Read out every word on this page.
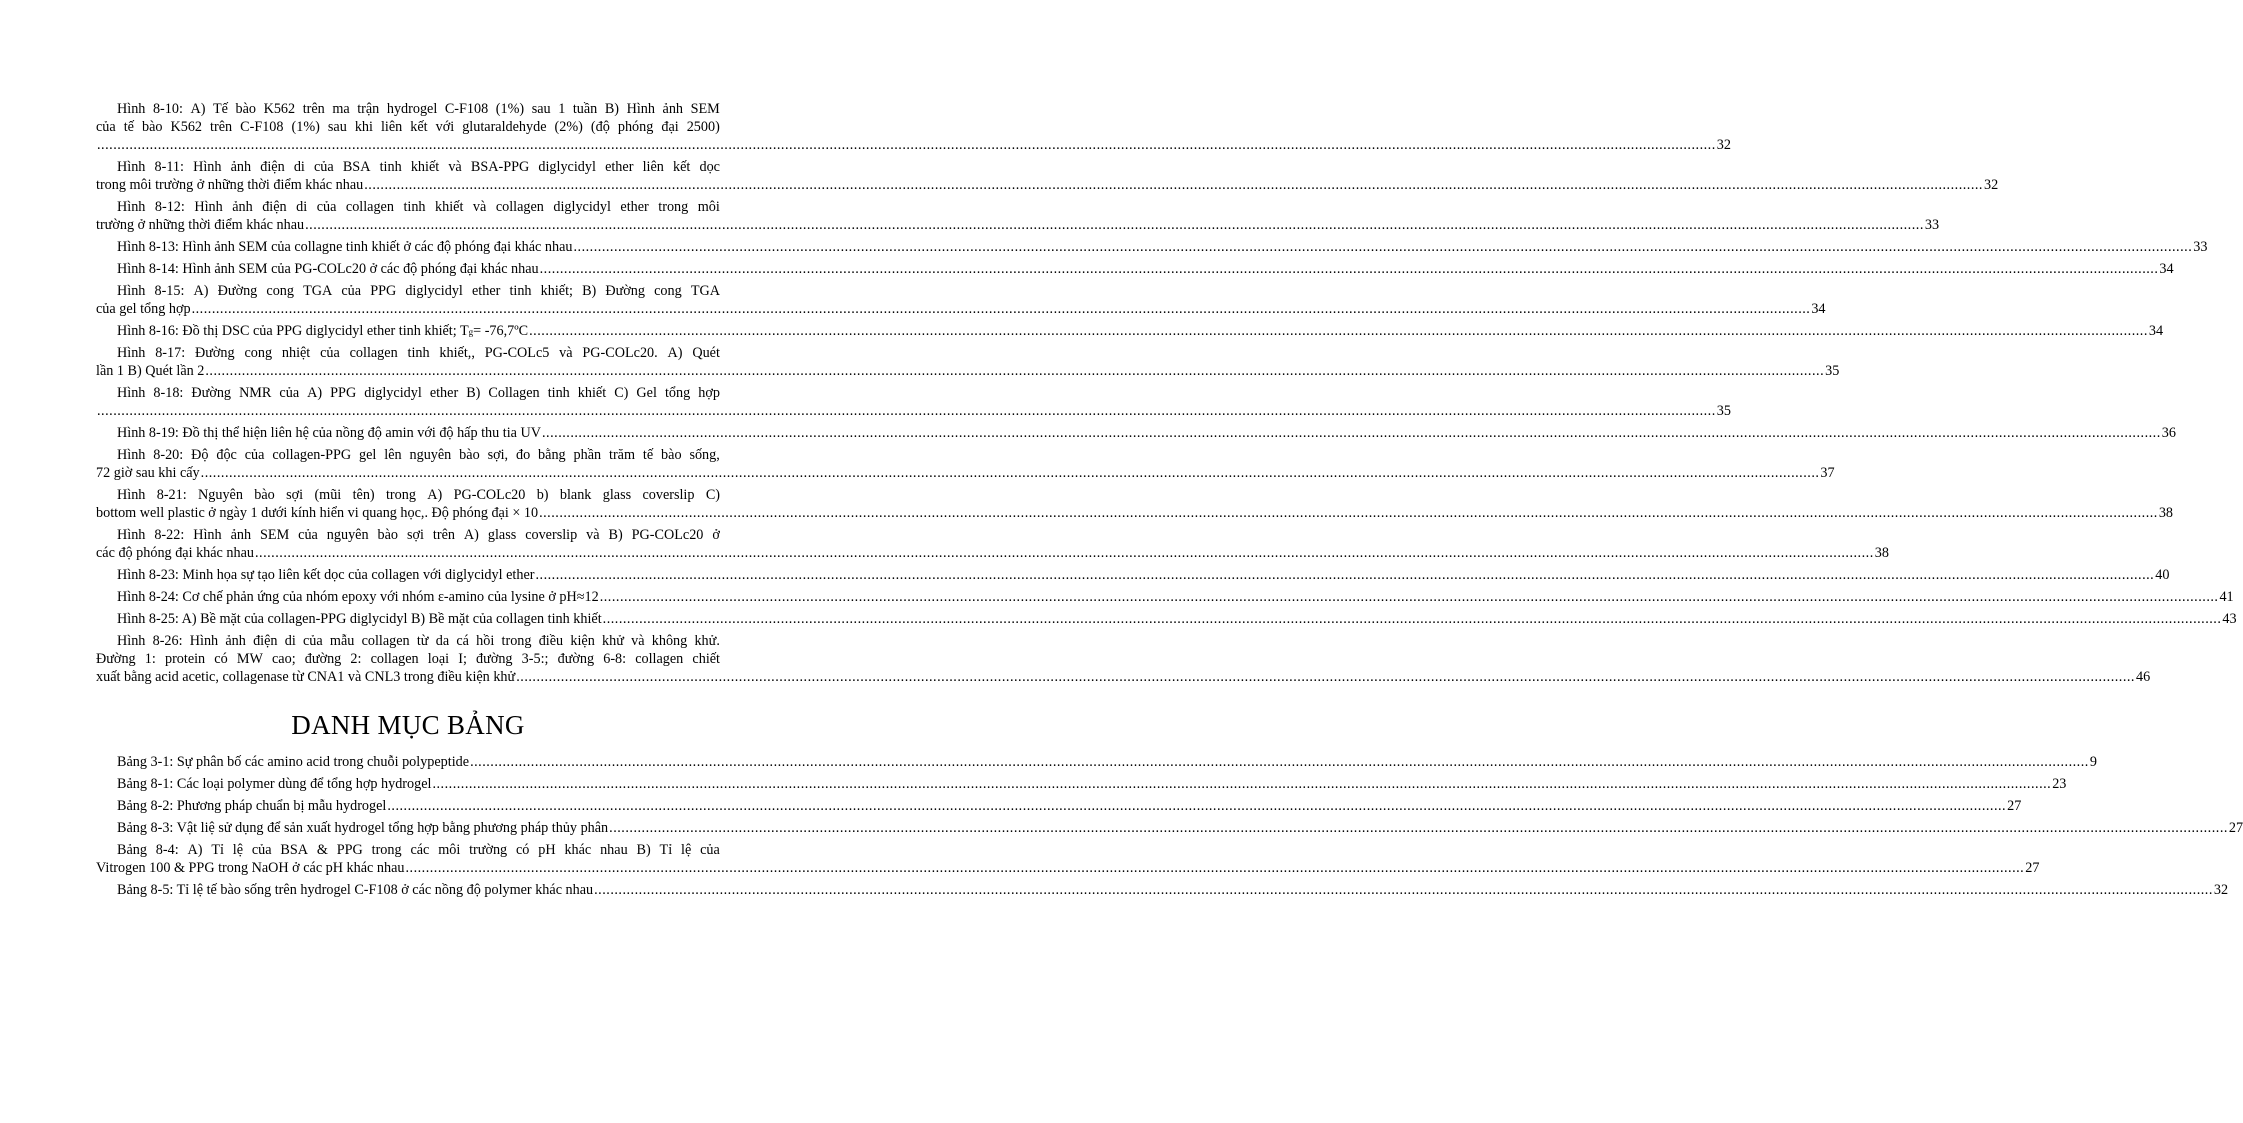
Hình 8-10: A) Tế bào K562 trên ma trận hydrogel C-F108 (1%) sau 1 tuần B) Hình ảnh SEM
của tế bào K562 trên C-F108 (1%) sau khi liên kết với glutaraldehyde (2%) (độ phóng đại 2500)
................................................................................................................................................................................................................................................................................................................................................................................................................ 32
Hình 8-11: Hình ảnh điện di của BSA tinh khiết và BSA-PPG diglycidyl ether liên kết dọc
trong môi trường ở những thời điểm khác nhau ................................................................................................................................................................................................................................................................................................................................................................................................................ 32
Hình 8-12: Hình ảnh điện di của collagen tinh khiết và collagen diglycidyl ether trong môi
trường ở những thời điểm khác nhau ................................................................................................................................................................................................................................................................................................................................................................................................................ 33
Hình 8-13: Hình ảnh SEM của collagne tinh khiết ở các độ phóng đại khác nhau ................................................................................................................................................................................................................................................................................................................................................................................................................ 33
Hình 8-14: Hình ảnh SEM của PG-COLc20 ở các độ phóng đại khác nhau ................................................................................................................................................................................................................................................................................................................................................................................................................ 34
Hình 8-15: A) Đường cong TGA của PPG diglycidyl ether tinh khiết; B) Đường cong TGA
của gel tổng hợp ................................................................................................................................................................................................................................................................................................................................................................................................................ 34
Hình 8-16: Đồ thị DSC của PPG diglycidyl ether tinh khiết; T g = -76,7ºC ................................................................................................................................................................................................................................................................................................................................................................................................................ 34
Hình 8-17: Đường cong nhiệt của collagen tinh khiết,, PG-COLc5 và PG-COLc20. A) Quét
lần 1 B) Quét lần 2 ................................................................................................................................................................................................................................................................................................................................................................................................................ 35
Hình 8-18: Đường NMR của A) PPG diglycidyl ether B) Collagen tinh khiết C) Gel tổng hợp
................................................................................................................................................................................................................................................................................................................................................................................................................ 35
Hình 8-19: Đồ thị thể hiện liên hệ của nồng độ amin với độ hấp thu tia UV ................................................................................................................................................................................................................................................................................................................................................................................................................ 36
Hình 8-20: Độ độc của collagen-PPG gel lên nguyên bào sợi, đo bằng phần trăm tế bào sống,
72 giờ sau khi cấy ................................................................................................................................................................................................................................................................................................................................................................................................................ 37
Hình 8-21: Nguyên bào sợi (mũi tên) trong A) PG-COLc20 b) blank glass coverslip C)
bottom well plastic ở ngày 1 dưới kính hiển vi quang học,. Độ phóng đại × 10 ................................................................................................................................................................................................................................................................................................................................................................................................................ 38
Hình 8-22: Hình ảnh SEM của nguyên bào sợi trên A) glass coverslip và B) PG-COLc20 ở
các độ phóng đại khác nhau ................................................................................................................................................................................................................................................................................................................................................................................................................ 38
Hình 8-23: Minh họa sự tạo liên kết dọc của collagen với diglycidyl ether ................................................................................................................................................................................................................................................................................................................................................................................................................ 40
Hình 8-24: Cơ chế phản ứng của nhóm epoxy với nhóm ε-amino của lysine ở pH≈12 ................................................................................................................................................................................................................................................................................................................................................................................................................ 41
Hình 8-25: A) Bề mặt của collagen-PPG diglycidyl B) Bề mặt của collagen tinh khiết ................................................................................................................................................................................................................................................................................................................................................................................................................ 43
Hình 8-26: Hình ảnh điện di của mẫu collagen từ da cá hồi trong điều kiện khử và không khử.
Đường 1: protein có MW cao; đường 2: collagen loại I; đường 3-5:; đường 6-8: collagen chiết
xuất bằng acid acetic, collagenase từ CNA1 và CNL3 trong điều kiện khử ................................................................................................................................................................................................................................................................................................................................................................................................................ 46
DANH MỤC BẢNG
Bảng 3-1: Sự phân bố các amino acid trong chuỗi polypeptide ................................................................................................................................................................................................................................................................................................................................................................................................................ 9
Bảng 8-1: Các loại polymer dùng để tổng hợp hydrogel ................................................................................................................................................................................................................................................................................................................................................................................................................ 23
Bảng 8-2: Phương pháp chuẩn bị mẫu hydrogel ................................................................................................................................................................................................................................................................................................................................................................................................................ 27
Bảng 8-3: Vật liệ sử dụng để sản xuất hydrogel tổng hợp bằng phương pháp thủy phân ................................................................................................................................................................................................................................................................................................................................................................................................................ 27
Bảng 8-4: A) Tỉ lệ của BSA & PPG trong các môi trường có pH khác nhau B) Tỉ lệ của
Vitrogen 100 & PPG trong NaOH ở các pH khác nhau ................................................................................................................................................................................................................................................................................................................................................................................................................ 27
Bảng 8-5: Tỉ lệ tế bào sống trên hydrogel C-F108 ở các nồng độ polymer khác nhau ................................................................................................................................................................................................................................................................................................................................................................................................................ 32
